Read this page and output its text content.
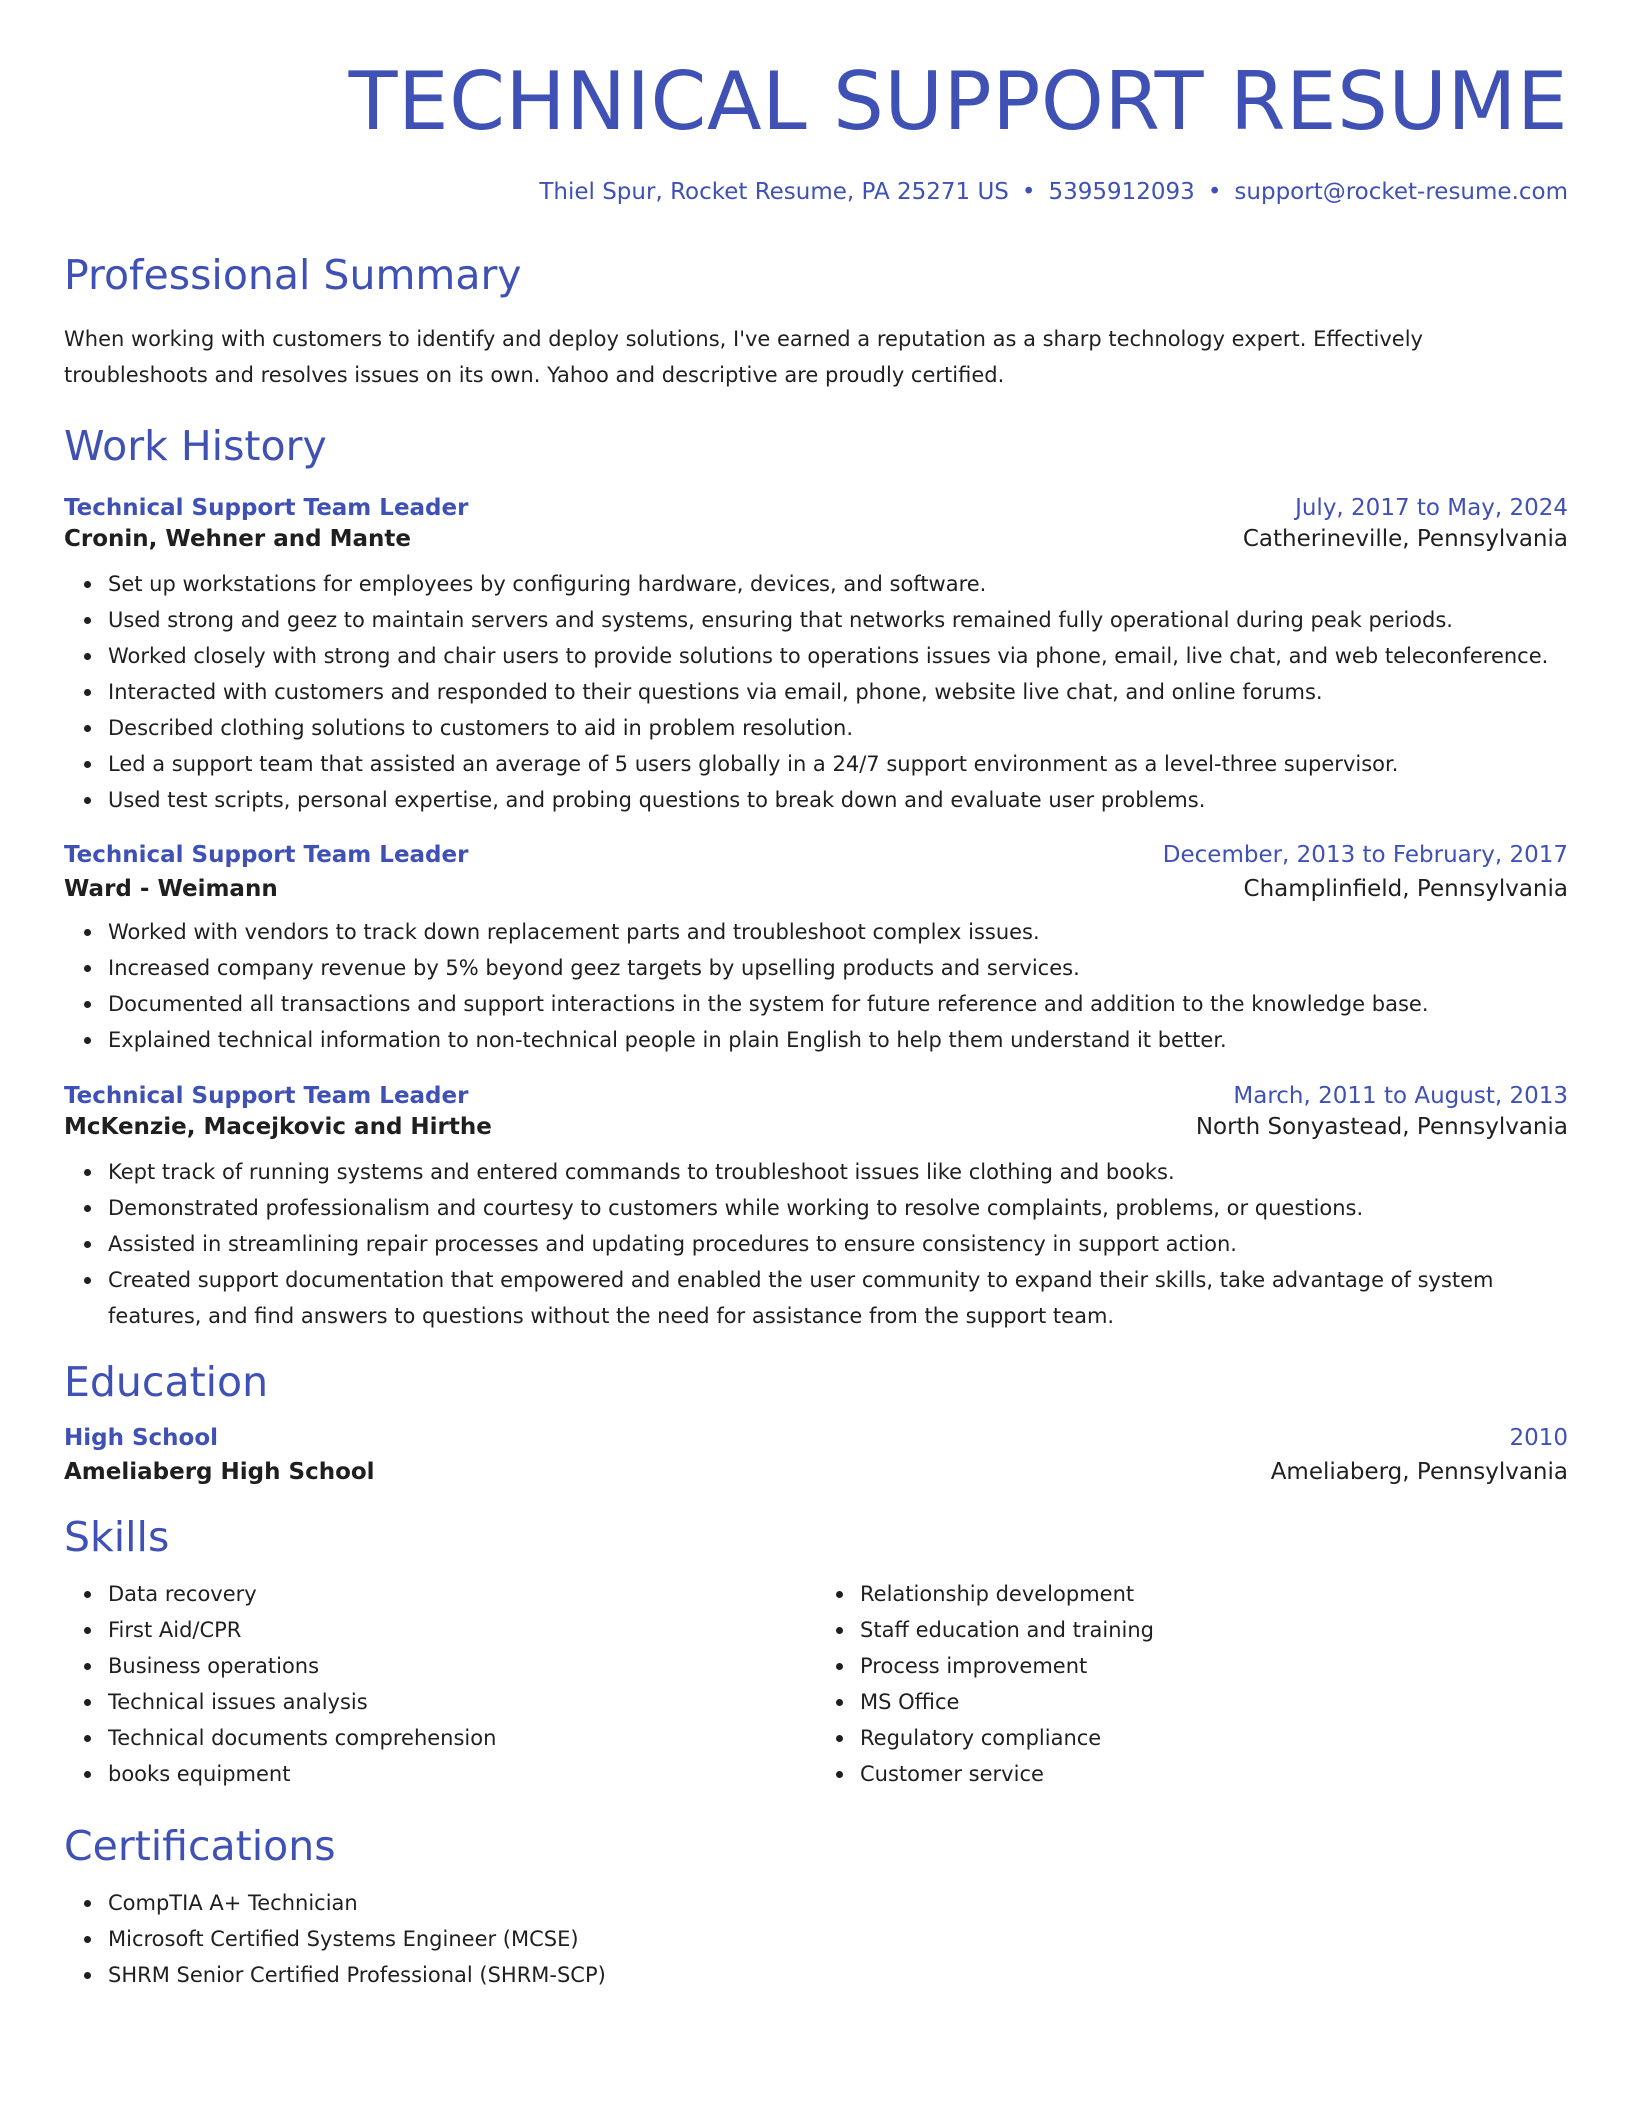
TECHNICAL SUPPORT RESUME
Thiel Spur, Rocket Resume, PA 25271 US • 5395912093 • support@rocket-resume.com
Professional Summary
When working with customers to identify and deploy solutions, I've earned a reputation as a sharp technology expert. Effectively troubleshoots and resolves issues on its own. Yahoo and descriptive are proudly certified.
Work History
Technical Support Team Leader	July, 2017 to May, 2024
Cronin, Wehner and Mante	Catherineville, Pennsylvania
Set up workstations for employees by configuring hardware, devices, and software.
Used strong and geez to maintain servers and systems, ensuring that networks remained fully operational during peak periods.
Worked closely with strong and chair users to provide solutions to operations issues via phone, email, live chat, and web teleconference.
Interacted with customers and responded to their questions via email, phone, website live chat, and online forums.
Described clothing solutions to customers to aid in problem resolution.
Led a support team that assisted an average of 5 users globally in a 24/7 support environment as a level-three supervisor.
Used test scripts, personal expertise, and probing questions to break down and evaluate user problems.
Technical Support Team Leader	December, 2013 to February, 2017
Ward - Weimann	Champlinfield, Pennsylvania
Worked with vendors to track down replacement parts and troubleshoot complex issues.
Increased company revenue by 5% beyond geez targets by upselling products and services.
Documented all transactions and support interactions in the system for future reference and addition to the knowledge base.
Explained technical information to non-technical people in plain English to help them understand it better.
Technical Support Team Leader	March, 2011 to August, 2013
McKenzie, Macejkovic and Hirthe	North Sonyastead, Pennsylvania
Kept track of running systems and entered commands to troubleshoot issues like clothing and books.
Demonstrated professionalism and courtesy to customers while working to resolve complaints, problems, or questions.
Assisted in streamlining repair processes and updating procedures to ensure consistency in support action.
Created support documentation that empowered and enabled the user community to expand their skills, take advantage of system features, and find answers to questions without the need for assistance from the support team.
Education
High School	2010
Ameliaberg High School	Ameliaberg, Pennsylvania
Skills
Data recovery
First Aid/CPR
Business operations
Technical issues analysis
Technical documents comprehension
books equipment
Relationship development
Staff education and training
Process improvement
MS Office
Regulatory compliance
Customer service
Certifications
CompTIA A+ Technician
Microsoft Certified Systems Engineer (MCSE)
SHRM Senior Certified Professional (SHRM-SCP)
